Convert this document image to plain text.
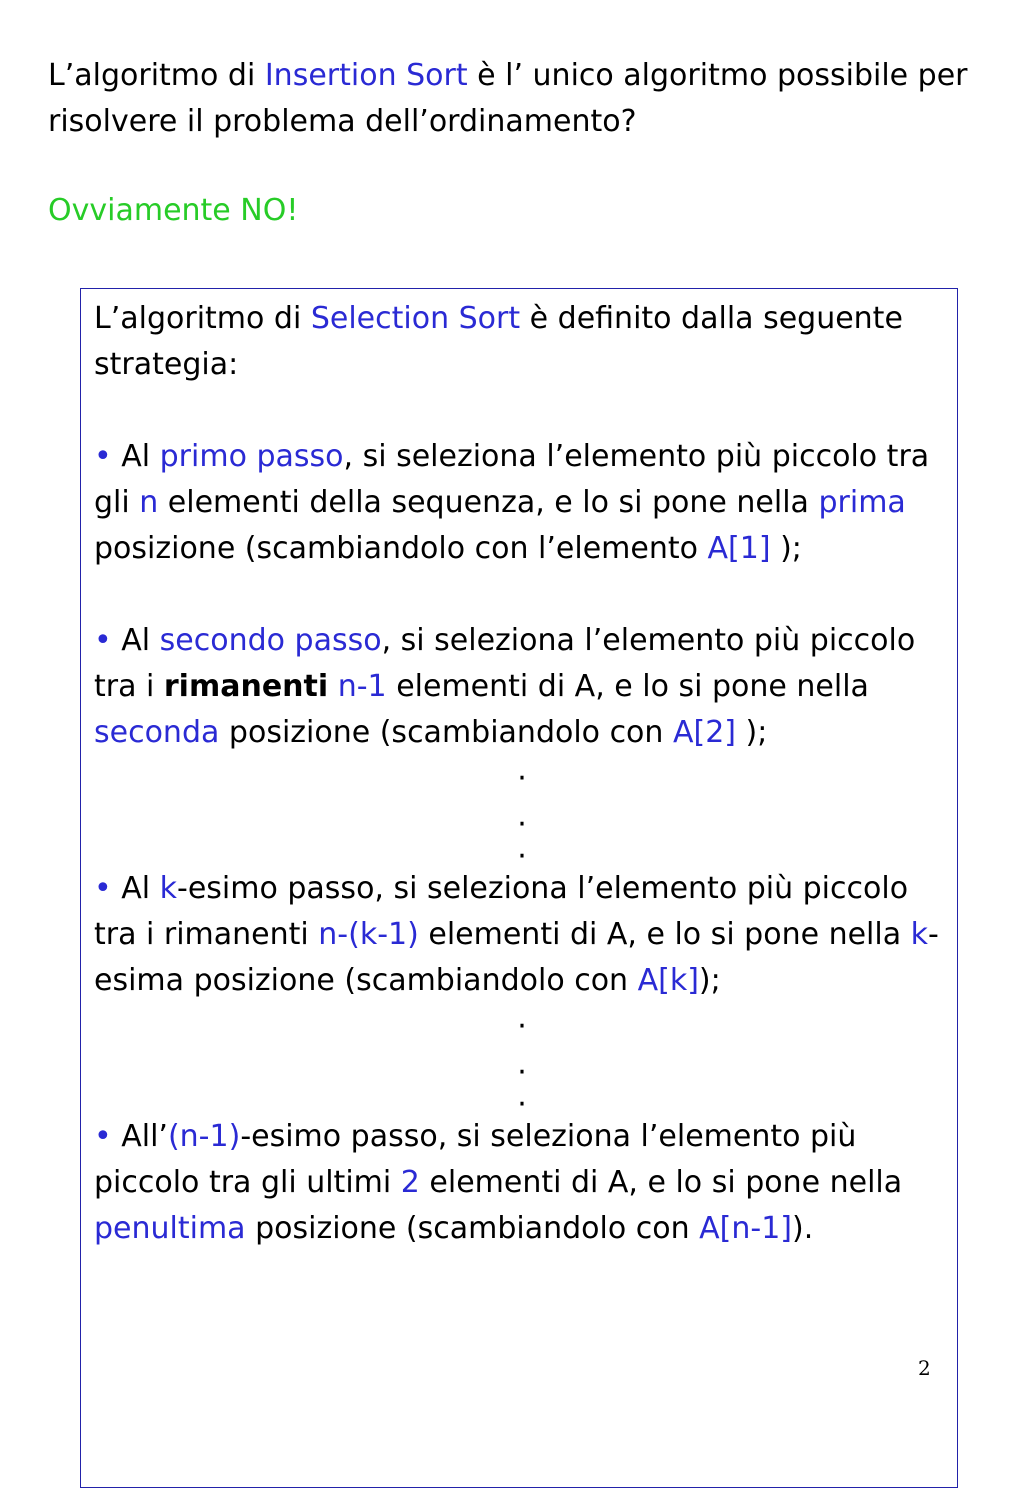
L’algoritmo di Insertion Sort è l’ unico algoritmo possibile per risolvere il problema dell’ordinamento?

Ovviamente NO!

L’algoritmo di Selection Sort è definito dalla seguente strategia:

• Al primo passo, si seleziona l’elemento più piccolo tra gli n elementi della sequenza, e lo si pone nella prima posizione (scambiandolo con l’elemento A[1] );

• Al secondo passo, si seleziona l’elemento più piccolo tra i rimanenti n-1 elementi di A, e lo si pone nella seconda posizione (scambiandolo con A[2] );

·
·
·

• Al k-esimo passo, si seleziona l’elemento più piccolo tra i rimanenti n-(k-1) elementi di A, e lo si pone nella k-esima posizione (scambiandolo con A[k]);

·
·
·

• All’(n-1)-esimo passo, si seleziona l’elemento più piccolo tra gli ultimi 2 elementi di A, e lo si pone nella penultima posizione (scambiandolo con A[n-1]).

2
